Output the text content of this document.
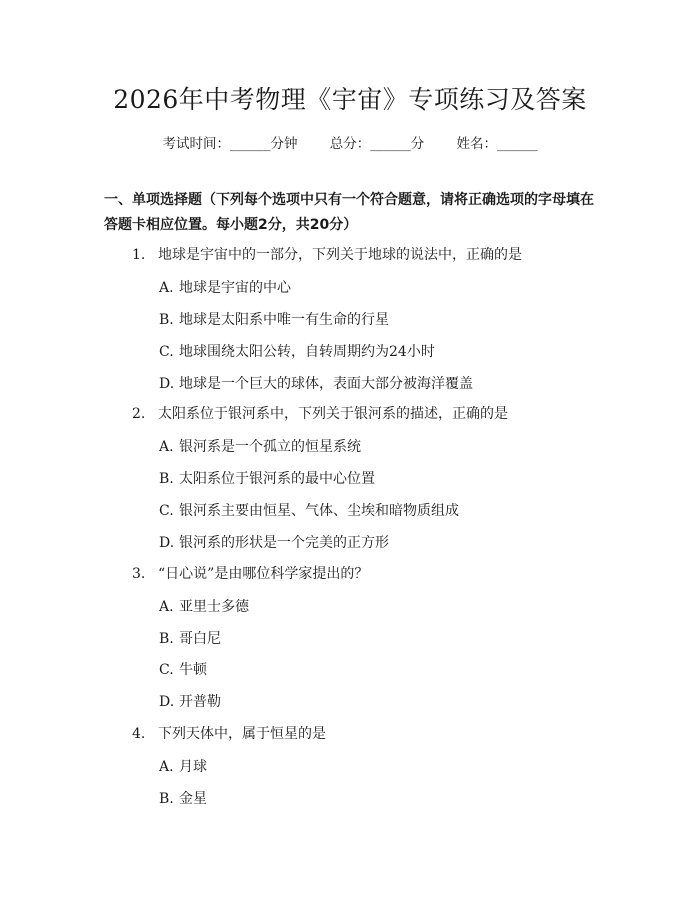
2026年中考物理《宇宙》专项练习及答案
考试时间：______分钟 总分：______分 姓名：______
一、单项选择题（下列每个选项中只有一个符合题意，请将正确选项的字母填在答题卡相应位置。每小题2分，共20分）
1. 地球是宇宙中的一部分，下列关于地球的说法中，正确的是
A. 地球是宇宙的中心
B. 地球是太阳系中唯一有生命的行星
C. 地球围绕太阳公转，自转周期约为24小时
D. 地球是一个巨大的球体，表面大部分被海洋覆盖
2. 太阳系位于银河系中，下列关于银河系的描述，正确的是
A. 银河系是一个孤立的恒星系统
B. 太阳系位于银河系的最中心位置
C. 银河系主要由恒星、气体、尘埃和暗物质组成
D. 银河系的形状是一个完美的正方形
3. “日心说”是由哪位科学家提出的？
A. 亚里士多德
B. 哥白尼
C. 牛顿
D. 开普勒
4. 下列天体中，属于恒星的是
A. 月球
B. 金星
